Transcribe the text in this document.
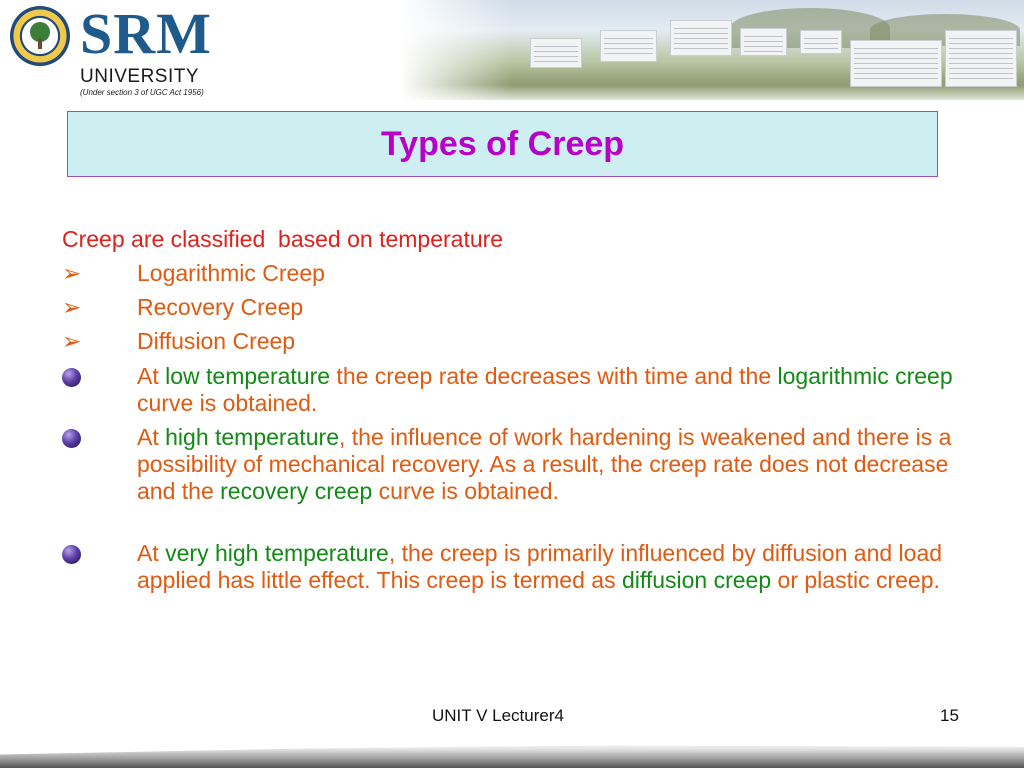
SRM
UNIVERSITY
(Under section 3 of UGC Act 1956)
Types of Creep
Creep are classified  based on temperature
➢ Logarithmic Creep
➢ Recovery Creep
➢ Diffusion Creep
At low temperature the creep rate decreases with time and the logarithmic creep curve is obtained.
At high temperature, the influence of work hardening is weakened and there is a possibility of mechanical recovery. As a result, the creep rate does not decrease and the recovery creep curve is obtained.
At very high temperature, the creep is primarily influenced by diffusion and load applied has little effect. This creep is termed as diffusion creep or plastic creep.
UNIT V Lecturer4	15
